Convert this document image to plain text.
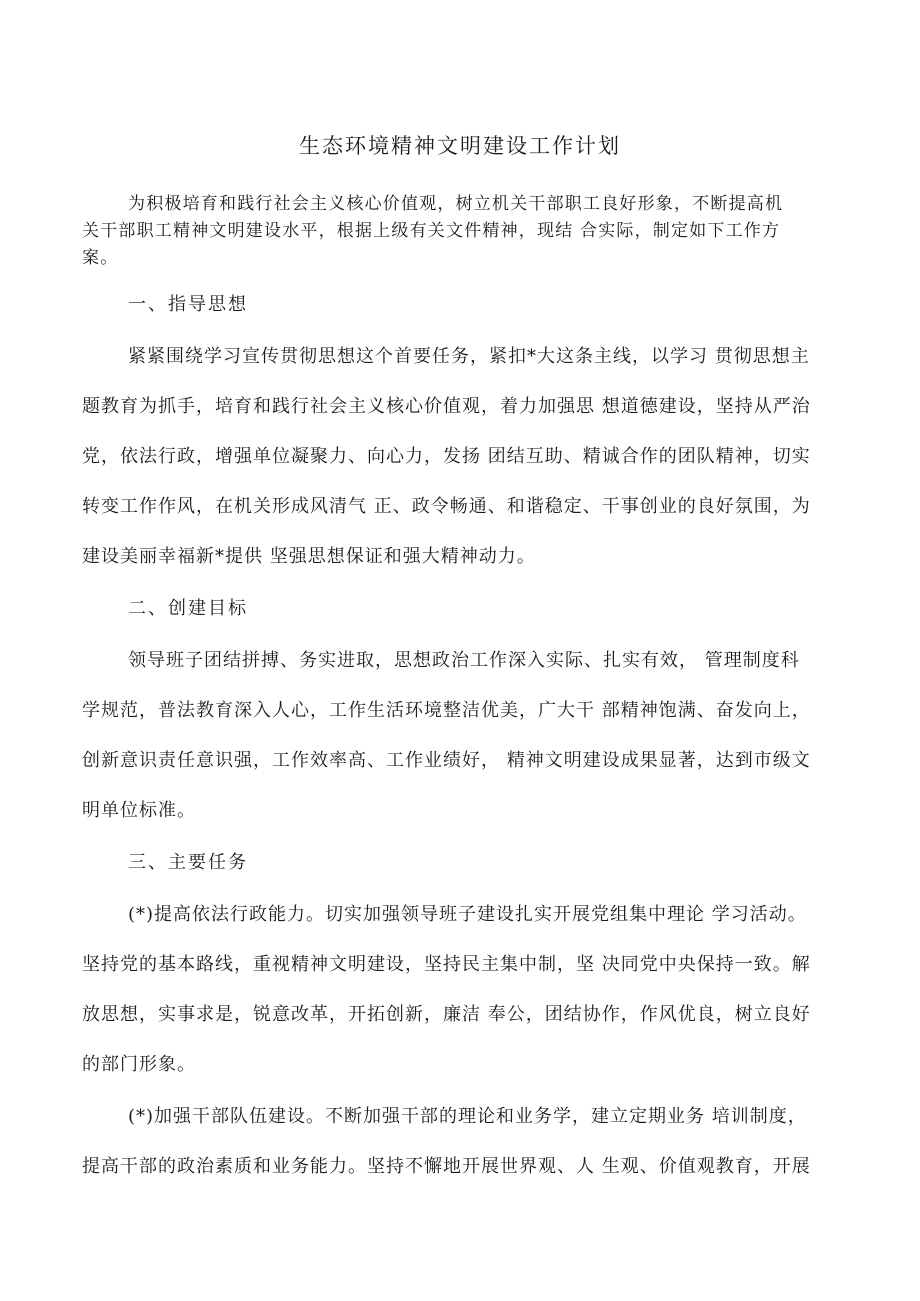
生态环境精神文明建设工作计划
为积极培育和践行社会主义核心价值观，树立机关干部职工良好形象，不断提高机
关干部职工精神文明建设水平，根据上级有关文件精神，现结 合实际，制定如下工作方
案。
一、指导思想
紧紧围绕学习宣传贯彻思想这个首要任务，紧扣*大这条主线，以学习 贯彻思想主
题教育为抓手，培育和践行社会主义核心价值观，着力加强思 想道德建设，坚持从严治
党，依法行政，增强单位凝聚力、向心力，发扬 团结互助、精诚合作的团队精神，切实
转变工作作风，在机关形成风清气 正、政令畅通、和谐稳定、干事创业的良好氛围，为
建设美丽幸福新*提供 坚强思想保证和强大精神动力。
二、创建目标
领导班子团结拼搏、务实进取，思想政治工作深入实际、扎实有效， 管理制度科
学规范，普法教育深入人心，工作生活环境整洁优美，广大干 部精神饱满、奋发向上，
创新意识责任意识强，工作效率高、工作业绩好， 精神文明建设成果显著，达到市级文
明单位标准。
三、主要任务
(*)提高依法行政能力。切实加强领导班子建设扎实开展党组集中理论 学习活动。
坚持党的基本路线，重视精神文明建设，坚持民主集中制，坚 决同党中央保持一致。解
放思想，实事求是，锐意改革，开拓创新，廉洁 奉公，团结协作，作风优良，树立良好
的部门形象。
(*)加强干部队伍建设。不断加强干部的理论和业务学，建立定期业务 培训制度，
提高干部的政治素质和业务能力。坚持不懈地开展世界观、人 生观、价值观教育，开展
